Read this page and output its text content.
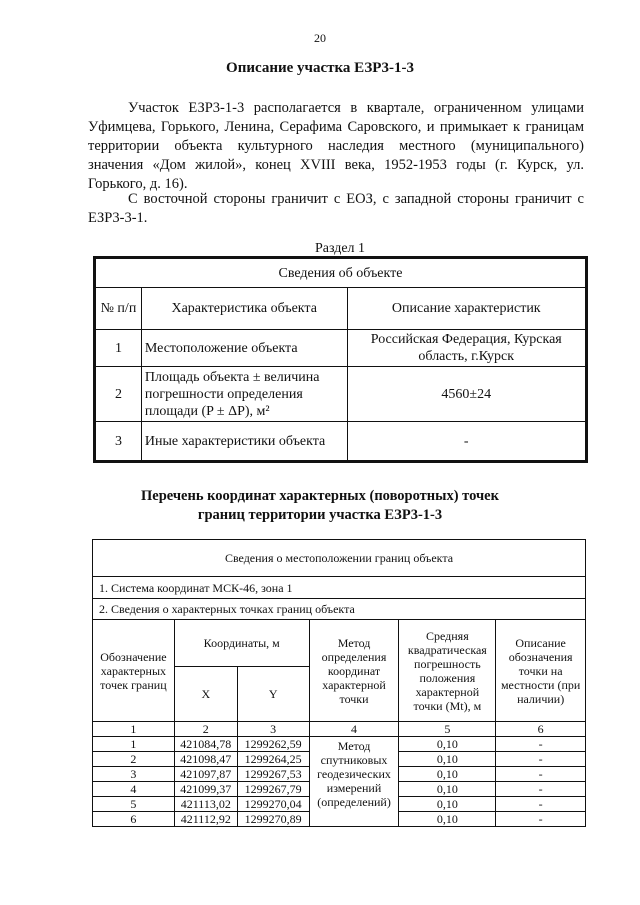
20
Описание участка ЕЗР3-1-3
Участок ЕЗР3-1-3 располагается в квартале, ограниченном улицами Уфимцева, Горького, Ленина, Серафима Саровского, и примыкает к границам территории объекта культурного наследия местного (муниципального) значения «Дом жилой», конец XVIII века, 1952-1953 годы (г. Курск, ул. Горького, д. 16).
С восточной стороны граничит с ЕОЗ, с западной стороны граничит с ЕЗР3-3-1.
Раздел 1
Сведения об объекте		
№ п/п	Характеристика объекта	Описание характеристик
1	Местоположение объекта	Российская Федерация, Курская область, г.Курск
2	Площадь объекта ± величина погрешности определения площади (P ± ΔP), м²	4560±24
3	Иные характеристики объекта	-
Перечень координат характерных (поворотных) точек
границ территории участка ЕЗР3-1-3
Сведения о местоположении границ объекта					
1. Система координат МСК-46, зона 1					
2. Сведения о характерных точках границ объекта					
Обозначение характерных точек границ	Координаты, м		Метод определения координат характерной точки	Средняя квадратическая погрешность положения характерной точки (Mt), м	Описание обозначения точки на местности (при наличии)
	X	Y			
1	2	3	4	5	6
1	421084,78	1299262,59	Метод спутниковых геодезических измерений (определений)	0,10	-
2	421098,47	1299264,25		0,10	-
3	421097,87	1299267,53		0,10	-
4	421099,37	1299267,79		0,10	-
5	421113,02	1299270,04		0,10	-
6	421112,92	1299270,89		0,10	-
